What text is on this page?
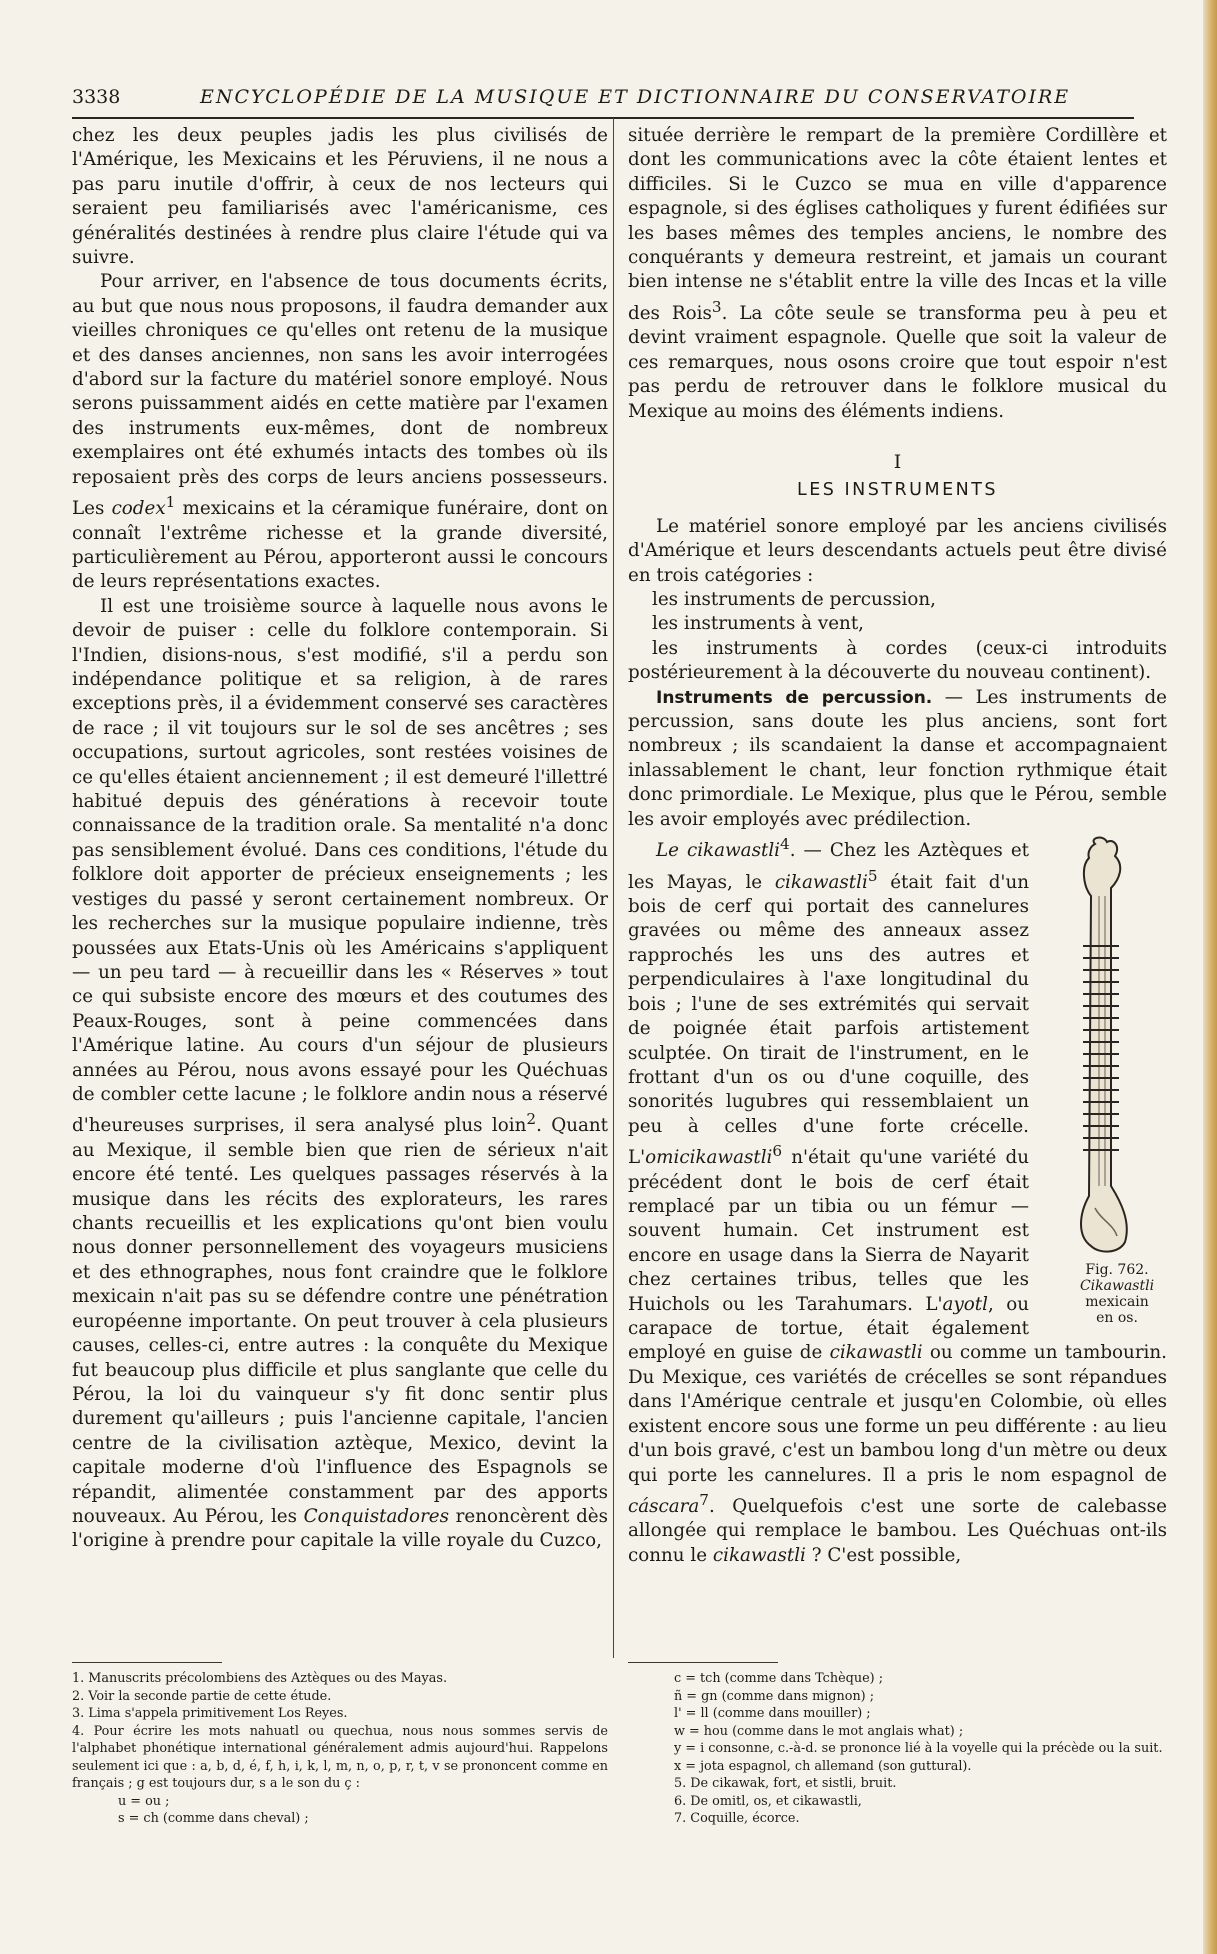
3338	ENCYCLOPÉDIE DE LA MUSIQUE ET DICTIONNAIRE DU CONSERVATOIRE

chez les deux peuples jadis les plus civilisés de l'Amérique, les Mexicains et les Péruviens, il ne nous a pas paru inutile d'offrir, à ceux de nos lecteurs qui seraient peu familiarisés avec l'américanisme, ces généralités destinées à rendre plus claire l'étude qui va suivre.

Pour arriver, en l'absence de tous documents écrits, au but que nous nous proposons, il faudra demander aux vieilles chroniques ce qu'elles ont retenu de la musique et des danses anciennes, non sans les avoir interrogées d'abord sur la facture du matériel sonore employé. Nous serons puissamment aidés en cette matière par l'examen des instruments eux-mêmes, dont de nombreux exemplaires ont été exhumés intacts des tombes où ils reposaient près des corps de leurs anciens possesseurs. Les codex$^1$ mexicains et la céramique funéraire, dont on connaît l'extrême richesse et la grande diversité, particulièrement au Pérou, apporteront aussi le concours de leurs représentations exactes.

Il est une troisième source à laquelle nous avons le devoir de puiser : celle du folklore contemporain. Si l'Indien, disions-nous, s'est modifié, s'il a perdu son indépendance politique et sa religion, à de rares exceptions près, il a évidemment conservé ses caractères de race ; il vit toujours sur le sol de ses ancêtres ; ses occupations, surtout agricoles, sont restées voisines de ce qu'elles étaient anciennement ; il est demeuré l'illettré habitué depuis des générations à recevoir toute connaissance de la tradition orale. Sa mentalité n'a donc pas sensiblement évolué. Dans ces conditions, l'étude du folklore doit apporter de précieux enseignements ; les vestiges du passé y seront certainement nombreux. Or les recherches sur la musique populaire indienne, très poussées aux Etats-Unis où les Américains s'appliquent — un peu tard — à recueillir dans les « Réserves » tout ce qui subsiste encore des mœurs et des coutumes des Peaux-Rouges, sont à peine commencées dans l'Amérique latine. Au cours d'un séjour de plusieurs années au Pérou, nous avons essayé pour les Quéchuas de combler cette lacune ; le folklore andin nous a réservé d'heureuses surprises, il sera analysé plus loin$^2$. Quant au Mexique, il semble bien que rien de sérieux n'ait encore été tenté. Les quelques passages réservés à la musique dans les récits des explorateurs, les rares chants recueillis et les explications qu'ont bien voulu nous donner personnellement des voyageurs musiciens et des ethnographes, nous font craindre que le folklore mexicain n'ait pas su se défendre contre une pénétration européenne importante. On peut trouver à cela plusieurs causes, celles-ci, entre autres : la conquête du Mexique fut beaucoup plus difficile et plus sanglante que celle du Pérou, la loi du vainqueur s'y fit donc sentir plus durement qu'ailleurs ; puis l'ancienne capitale, l'ancien centre de la civilisation aztèque, Mexico, devint la capitale moderne d'où l'influence des Espagnols se répandit, alimentée constamment par des apports nouveaux. Au Pérou, les Conquistadores renoncèrent dès l'origine à prendre pour capitale la ville royale du Cuzco,

située derrière le rempart de la première Cordillère et dont les communications avec la côte étaient lentes et difficiles. Si le Cuzco se mua en ville d'apparence espagnole, si des églises catholiques y furent édifiées sur les bases mêmes des temples anciens, le nombre des conquérants y demeura restreint, et jamais un courant bien intense ne s'établit entre la ville des Incas et la ville des Rois$^3$. La côte seule se transforma peu à peu et devint vraiment espagnole. Quelle que soit la valeur de ces remarques, nous osons croire que tout espoir n'est pas perdu de retrouver dans le folklore musical du Mexique au moins des éléments indiens.

I
LES INSTRUMENTS

Le matériel sonore employé par les anciens civilisés d'Amérique et leurs descendants actuels peut être divisé en trois catégories :

les instruments de percussion,

les instruments à vent,

les instruments à cordes (ceux-ci introduits postérieurement à la découverte du nouveau continent).

Instruments de percussion. — Les instruments de percussion, sans doute les plus anciens, sont fort nombreux ; ils scandaient la danse et accompagnaient inlassablement le chant, leur fonction rythmique était donc primordiale. Le Mexique, plus que le Pérou, semble les avoir employés avec prédilection.

Fig. 762.
Cikawastli
mexicain
en os.
Le cikawastli$^4$. — Chez les Aztèques et les Mayas, le cikawastli$^5$ était fait d'un bois de cerf qui portait des cannelures gravées ou même des anneaux assez rapprochés les uns des autres et perpendiculaires à l'axe longitudinal du bois ; l'une de ses extrémités qui servait de poignée était parfois artistement sculptée. On tirait de l'instrument, en le frottant d'un os ou d'une coquille, des sonorités lugubres qui ressemblaient un peu à celles d'une forte crécelle. L'omicikawastli$^6$ n'était qu'une variété du précédent dont le bois de cerf était remplacé par un tibia ou un fémur — souvent humain. Cet instrument est encore en usage dans la Sierra de Nayarit chez certaines tribus, telles que les Huichols ou les Tarahumars. L'ayotl, ou carapace de tortue, était également employé en guise de cikawastli ou comme un tambourin. Du Mexique, ces variétés de crécelles se sont répandues dans l'Amérique centrale et jusqu'en Colombie, où elles existent encore sous une forme un peu différente : au lieu d'un bois gravé, c'est un bambou long d'un mètre ou deux qui porte les cannelures. Il a pris le nom espagnol de cáscara$^7$. Quelquefois c'est une sorte de calebasse allongée qui remplace le bambou. Les Quéchuas ont-ils connu le cikawastli ? C'est possible,

1. Manuscrits précolombiens des Aztèques ou des Mayas.
2. Voir la seconde partie de cette étude.
3. Lima s'appela primitivement Los Reyes.
4. Pour écrire les mots nahuatl ou quechua, nous nous sommes servis de l'alphabet phonétique international généralement admis aujourd'hui. Rappelons seulement ici que : a, b, d, é, f, h, i, k, l, m, n, o, p, r, t, v se prononcent comme en français ; g est toujours dur, s a le son du ç :
u = ou ;
s = ch (comme dans cheval) ;
c = tch (comme dans Tchèque) ;
ñ = gn (comme dans mignon) ;
l' = ll (comme dans mouiller) ;
w = hou (comme dans le mot anglais what) ;
y = i consonne, c.-à-d. se prononce lié à la voyelle qui la précède ou la suit.
x = jota espagnol, ch allemand (son guttural).
5. De cikawak, fort, et sistli, bruit.
6. De omitl, os, et cikawastli,
7. Coquille, écorce.
